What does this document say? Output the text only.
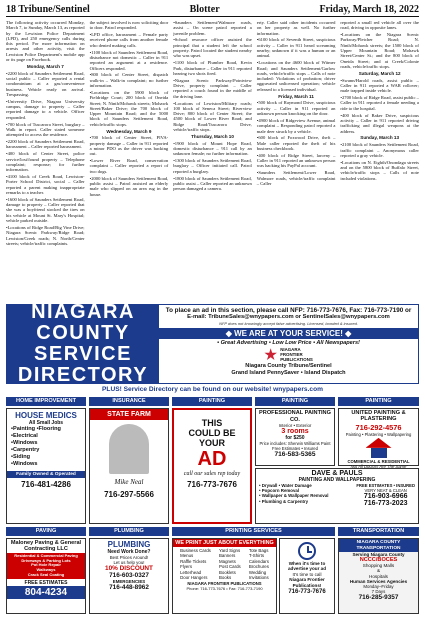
18 Tribune/Sentinel	Blotter	Friday, March 18, 2022

The following activity occurred Monday, March 7, to Sunday, March 13, as reported by the Lewiston Police Department (LPD), and 250 emergency calls during this period. For more information on arrests and other activity, visit the Lewiston Police Department's mobile app or its page on Facebook.

Monday, March 7

•2200 block of Saunders Settlement Road, social public – Caller reported a rental condominium at a gas/convenience business. Vehicle ready on arrival. Trespassing.

•University Drive, Niagara University campus, damage to property – Caller reported damage to a vehicle. Officer responded.

•700 block of Tuscarora Street, burglary – Walk in report. Caller stated someone attempted to access the residence.

•2200 block of Saunders Settlement Road, harassment – Caller reported harassment.

•400 block of Center Street, police service/lost/found property – Telephone complaint; response; for further information.

•4100 block of Creek Road, Lewiston-Porter School District, social – Caller reported a parent making inappropriate remarks to a teacher.

•1600 block of Saunders Settlement Road, damage to property – Caller reported that she was a boyfriend stocked the tires on his vehicle at Mount St. Mary's Hospital; vehicle parked outside.

•Locations of Ridge Road/Big Vine Drive; Niagara Scenic Parkway/Ridge Road; Lewiston/Creek roads; N. North/Center streets; vehicle/traffic complaints.

the subject involved is now soliciting door to door. Patrol responded.

•LPD office, harassment – Female party received phone calls from another female who denied making calls.

•1100 block of Saunders Settlement Road, disturbance not domestic – Caller in 911 reported an argument at a residence. Officers responded.

•800 block of Center Street, dispatch walk-in – Walk-in complaint; no further information.

•Locations on the 5900 block of Fieldridge Court; 200 block of Oneida Street; N. Ninth/Mohawk streets; Mohawk Street/Baker Drive; the 700 block of Upper Mountain Road; and the 5000 block of Saunders Settlement Road, vehicle/traffic stops.

Wednesday, March 9

•700 block of Center Street, PIVA-property damage – Caller in 911 reported a minor PDO as the driver was backing out.

•Lower River Road, conservation complaint – Caller reported a report of two dogs.

•2000 block of Saunders Settlement Road, public assist – Patrol assisted an elderly male who slipped on an area rug in the house.

•Saunders Settlement/Walmore roads, assist – On scene patrol reported a juvenile problem.

•School resource officer assisted the principal that a student left the school property. Patrol located the student nearby who was upset.

•1100 block of Plumber Road, Kevin Park, disturbance – Caller in 911 reported hearing two shots fired.

•Niagara Scenic Parkway/Pointview Drive, property complaint – Caller reported a couch found in the middle of the driving lane.

•Locations of Lewiston/Military roads; 100 block of Seneca Street; Riverview Drive; 800 block of Center Street; the 4500 block of Lower River Road; and Ridge Road/Tuscarora Drive, vehicle/traffic stops.

Thursday, March 10

•1900 block of Mount Hope Road, domestic disturbance – 911 call by an unknown female; no further information.

•1300 block of Saunders Settlement Road, burglary – Officer initiated call. Patrol reported a burglary.

•1800 block of Saunders Settlement Road, public assist – Caller reported an unknown person damaged a camera.

erty. Caller said other incidents occurred on her property as well. No further information.

•6100 block of Seventh Street, suspicious activity – Caller in 911 heard screaming nearby; unknown if it was a human or an animal.

•Locations on the 4600 block of Witmer Road; and Saunders Settlement/Garlow roads, vehicle/traffic stops – Calls of note included: Violations of probation; driver aggravated unlicensed operation; vehicle released to a licensed individual.

Friday, March 11

•500 block of Raymond Drive, suspicious activity – Caller in 911 reported an unknown person knocking on the door.

•4900 block of Ridgeview Avenue, animal complaint – Responding patrol reported a male deer struck by a vehicle.

•600 block of Foxwood Drive, theft – Male caller reported the theft of his business checkbook.

•400 block of Ridge Street, larceny – Caller in 911 reported an unknown person was hacking his PayPal account.

•Saunders Settlement/Lower Road, Walmore roads, vehicle/traffic complaint – Caller

reported a small red vehicle all over the road, driving in opposite lanes.

•Locations on the Niagara Scenic Parkway/Pletcher Road; N. Ninth/Mohawk streets; the 1500 block of Upper Mountain Road; Mohawk Street/Center St.; and the 800 block of Oneida Street; and at Creek/Colonie roads, vehicle/traffic stops.

Saturday, March 12

•Swann/Harold roads, assist public – Caller in 911 reported a WAR rollover; male trapped inside vehicle.

•2700 block of Ridge Road, assist public – Caller in 911 reported a female needing a ride to the hospital.

•400 block of Baker Drive, suspicious activity – Caller in 911 reported driving trafficking and illegal weapons at the address.

Sunday, March 13

•2100 block of Saunders Settlement Road, traffic complaint – Anonymous caller reported a gray vehicle.

•Locations on N. Eighth/Onondaga streets and on the 5800 block of Buffalo Street, vehicle/traffic stops – Calls of note included violations.

NIAGARA
COUNTY
SERVICE
DIRECTORY
To place an ad in this section, please call NFP: 716-773-7676, Fax: 716-773-7190 or
E-mail: TribuneSales@wnypapers.com or SentinelSales@wnypapers.com
NFP does not knowingly accept false advertising. Licensed, bonded & insured.
◆ WE ARE AT YOUR SERVICE! ◆
• Great Advertising • Low Low Price • All Newspapers!
NIAGARA
FRONTIER
PUBLICATIONS
Niagara County Tribune/Sentinel
Grand Island PennySaver • Island Dispatch
PLUS! Service Directory can be found on our website! wnypapers.com
HOME IMPROVEMENT	INSURANCE	PAINTING	PAINTING	PAINTING
HOUSE MEDICS
All Small Jobs
•Painting •Flooring
•Electrical
•Windows
•Carpentry
•Siding
•Windows
Family Owned & Operated
716-481-4286
STATE FARM
Mike Neal
716-297-5566
THIS
COULD BE
YOUR
AD
call our sales rep today
716-773-7676
PROFESSIONAL PAINTING CO.
Interior • Exterior
3 rooms
for $250
Price includes: Sherwin Williams Paint
Free Estimates • Insured
716-583-5365
UNITED PAINTING & PLASTERING
716-292-4576
Painting • Plastering • Wallpapering
COMMERCIAL & RESIDENTIAL
“Not All Doctors Are The Same”
DAVE & PAULS
PAINTING AND WALLPAPERING
• Drywall • Water Damage
• Popcorn Removal
• Wallpaper & Wallpaper Removal
• Plumbing & Carpentry
FREE ESTIMATES • INSURED
VERY NEAT & CLEAN
716-903-6966
716-773-2023
PAVING	PLUMBING	PRINTING SERVICES	TRANSPORTATION
Maloney Paving & General Contracting LLC
Residential & Commercial Paving
Driveways & Parking Lots
Pot Hole Repair
Walkways
Crack Seal Coating
FREE ESTIMATES
804-4234
PLUMBING
Need Work Done?
Best Prices Around!
Let us help you!
10% DISCOUNT
716-603-0327
EMERGENCIES
716-448-8962
WE PRINT JUST ABOUT EVERYTHING
Business Cards
Menus
Raffle Tickets
Flyers
Letterhead
Door Hangers
Yard Signs
Banners
Magnets
Post Cards
Booklets
Books
Tote Bags
T-Shirts
Calendars
Brochures
Wedding
Invitations
NIAGARA FRONTIER PUBLICATIONS
Phone: 716-773-7676 • Fax: 716-773-7190
When it's time to advertise your ad
It's time to call
Niagara Frontier Publications!
716-773-7676
NIAGARA COUNTY TRANSPORTATION
Serving Niagara County
NCCC/BOCES
Shopping Malls
&
Hospitals
Human Services Agencies
Monday–Friday
7 Days
716-285-9357
